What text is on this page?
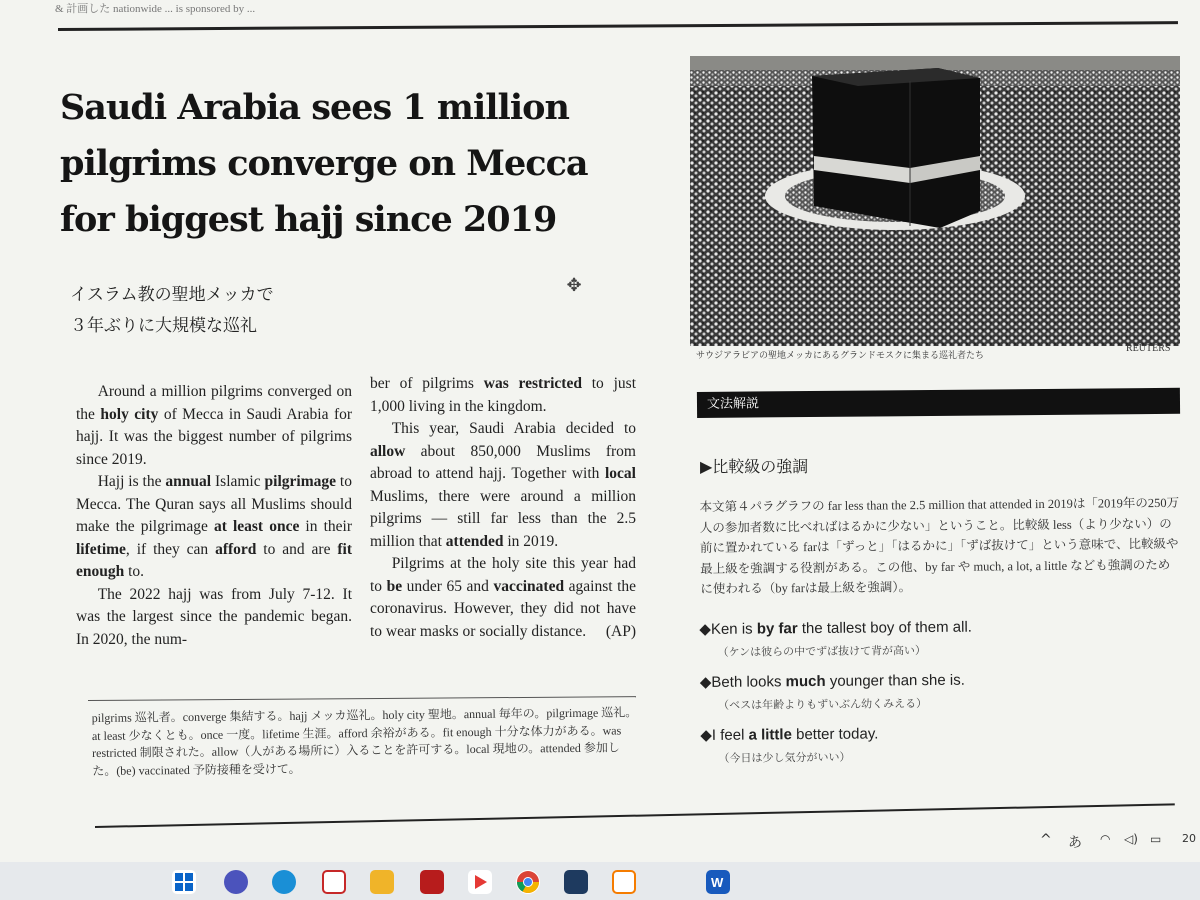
& 計画した nationwide ... is sponsored by ...
Saudi Arabia sees 1 million pilgrims converge on Mecca for biggest hajj since 2019
イスラム教の聖地メッカで
３年ぶりに大規模な巡礼
✥

Around a million pilgrims converged on the holy city of Mecca in Saudi Arabia for hajj. It was the biggest number of pilgrims since 2019.

Hajj is the annual Islamic pilgrimage to Mecca. The Quran says all Muslims should make the pilgrimage at least once in their lifetime, if they can afford to and are fit enough to.

The 2022 hajj was from July 7-12. It was the largest since the pandemic began. In 2020, the num-

ber of pilgrims was restricted to just 1,000 living in the kingdom.

This year, Saudi Arabia decided to allow about 850,000 Muslims from abroad to attend hajj. Together with local Muslims, there were around a million pilgrims — still far less than the 2.5 million that attended in 2019.

Pilgrims at the holy site this year had to be under 65 and vaccinated against the coronavirus. However, they did not have to wear masks or socially distance.	(AP)
pilgrims 巡礼者。converge 集結する。hajj メッカ巡礼。holy city 聖地。annual 毎年の。pilgrimage 巡礼。at least 少なくとも。once 一度。lifetime 生涯。afford 余裕がある。fit enough 十分な体力がある。was restricted 制限された。allow（人がある場所に）入ることを許可する。local 現地の。attended 参加した。(be) vaccinated 予防接種を受けて。
サウジアラビアの聖地メッカにあるグランドモスクに集まる巡礼者たち
REUTERS
文法解説
▶比較級の強調
本文第４パラグラフの far less than the 2.5 million that attended in 2019は「2019年の250万人の参加者数に比べればはるかに少ない」ということ。比較級 less（より少ない）の前に置かれている farは「ずっと」「はるかに」「ずば抜けて」という意味で、比較級や最上級を強調する役割がある。この他、by far や much, a lot, a little なども強調のために使われる（by farは最上級を強調）。
◆Ken is by far the tallest boy of them all.
（ケンは彼らの中でずば抜けて背が高い）
◆Beth looks much younger than she is.
（ベスは年齢よりもずいぶん幼くみえる）
◆I feel a little better today.
（今日は少し気分がいい）
^ あ ◠ ◁) ▭ 20
W
